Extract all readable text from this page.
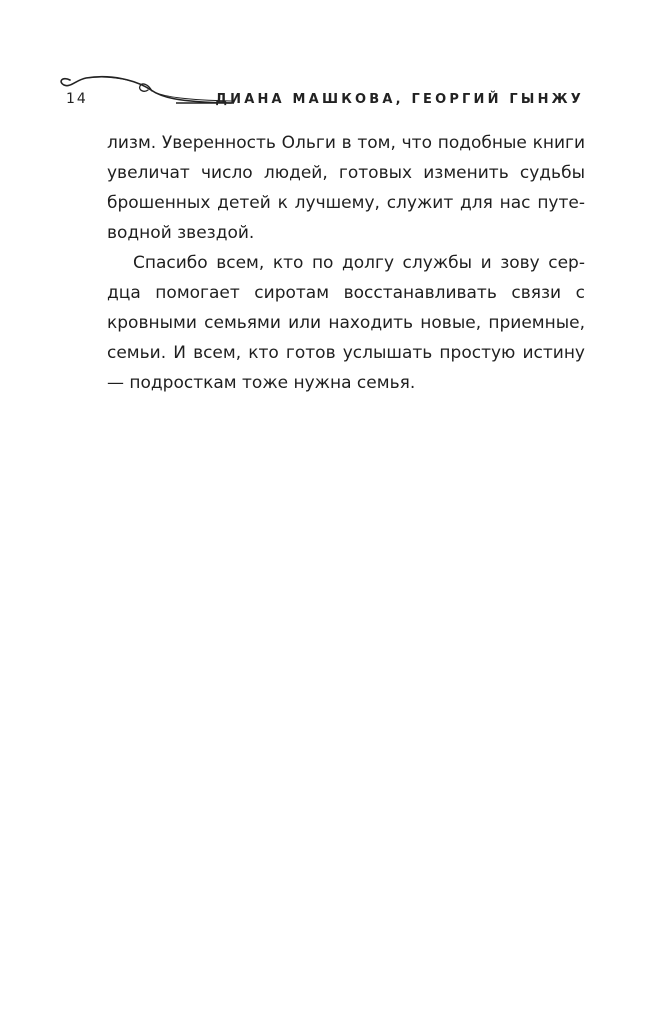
14	ДИАНА МАШКОВА, ГЕОРГИЙ ГЫНЖУ

лизм. Уверенность Ольги в том, что подобные книги увеличат число людей, готовых изменить судьбы брошенных детей к лучшему, служит для нас путеводной звездой.

Спасибо всем, кто по долгу службы и зову сердца помогает сиротам восстанавливать связи с кровными семьями или находить новые, приемные, семьи. И всем, кто готов услышать простую истину — подросткам тоже нужна семья.
